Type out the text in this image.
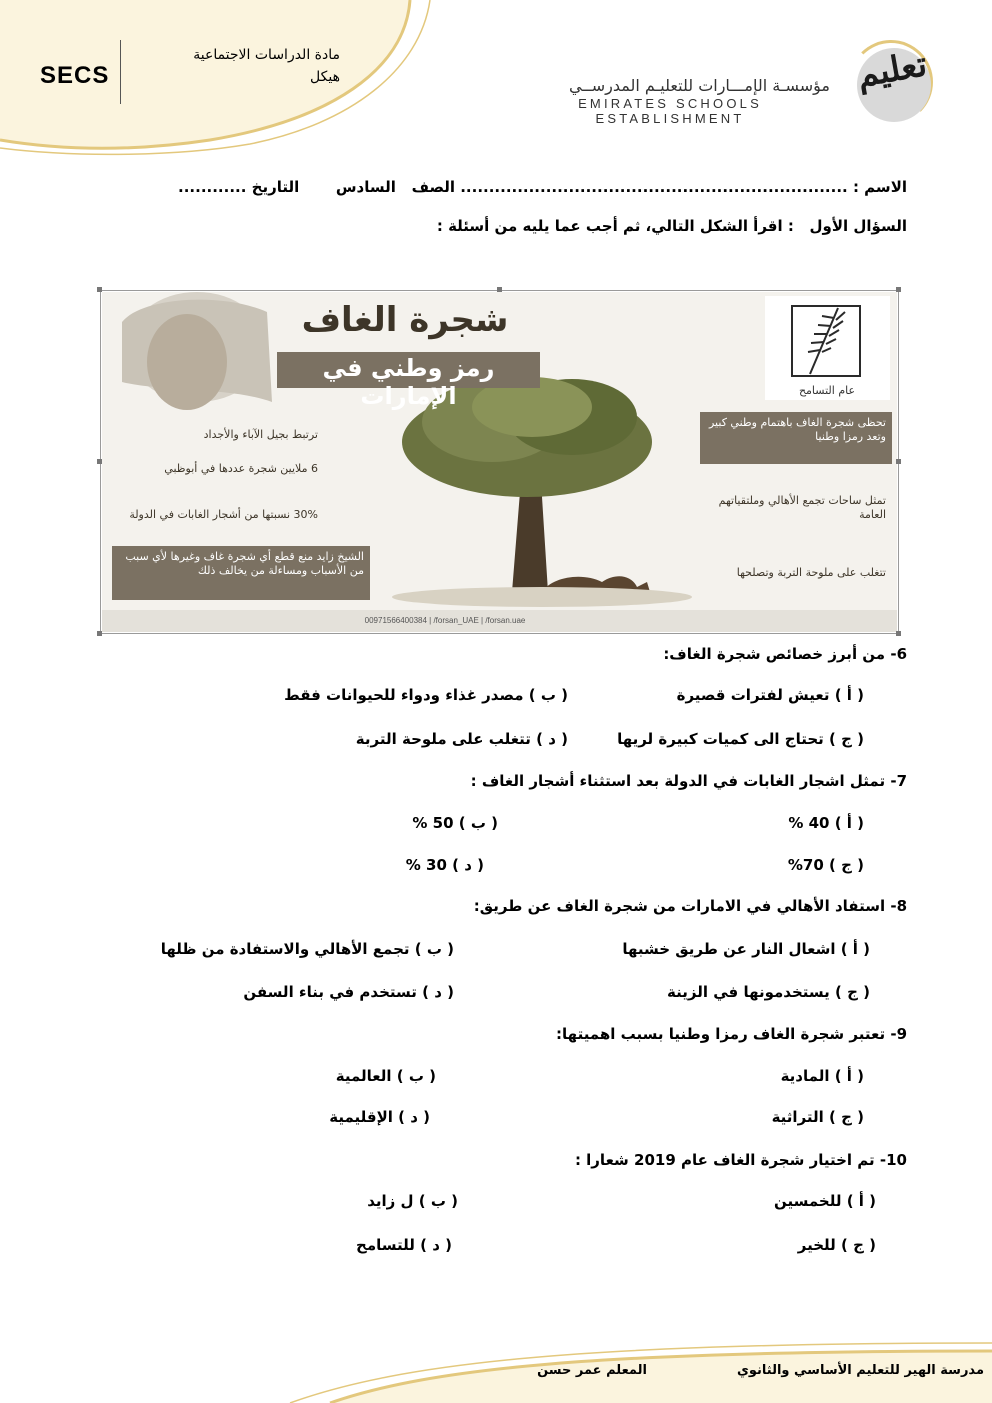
SECS
مادة الدراسات الاجتماعية
هيكل	مؤسسـة الإمـــارات للتعليـم المدرســي
EMIRATES SCHOOLS ESTABLISHMENT
تعليم
الاسم : .................................................................... الصف   السادس       التاريخ ............
السؤال الأول   : اقرأ الشكل التالي، ثم أجب عما يليه من أسئلة :
شجرة الغاف
رمز وطني في الإمارات	عام التسامح
ترتبط بجيل الآباء والأجداد
6 ملايين شجرة عددها في أبوظبي
30% نسبتها من أشجار الغابات في الدولة
الشيخ زايد منع قطع أي شجرة غاف وغيرها لأي سبب من الأسباب ومساءلة من يخالف ذلك
تحظى شجرة الغاف باهتمام وطني كبير وتعد رمزا وطنيا
تمثل ساحات تجمع الأهالي وملتقياتهم العامة
تتغلب على ملوحة التربة وتصلحها
00971566400384 | /forsan_UAE | /forsan.uae
6- من أبرز خصائص شجرة الغاف:
( أ ) تعيش لفترات قصيرة
( ب ) مصدر غذاء ودواء للحيوانات فقط
( ج ) تحتاج الى كميات كبيرة لريها
( د ) تتغلب على ملوحة التربة
7- تمثل اشجار الغابات في الدولة بعد استثناء أشجار الغاف :
( أ ) 40 %
( ب ) 50 %
( ج ) 70%
( د ) 30 %
8- استفاد الأهالي في الامارات من شجرة الغاف عن طريق:
( أ ) اشعال النار عن طريق خشبها
( ب ) تجمع الأهالي والاستفادة من ظلها
( ج ) يستخدمونها في الزينة
( د ) تستخدم في بناء السفن
9- تعتبر شجرة الغاف رمزا وطنيا بسبب اهميتها:
( أ ) المادية
( ب ) العالمية
( ج ) التراثية
( د ) الإقليمية
10- تم اختيار شجرة الغاف عام 2019 شعارا :
( أ ) للخمسين
( ب ) ل زايد
( ج ) للخير
( د ) للتسامح
مدرسة الهير للتعليم الأساسي والثانوي
المعلم عمر حسن
